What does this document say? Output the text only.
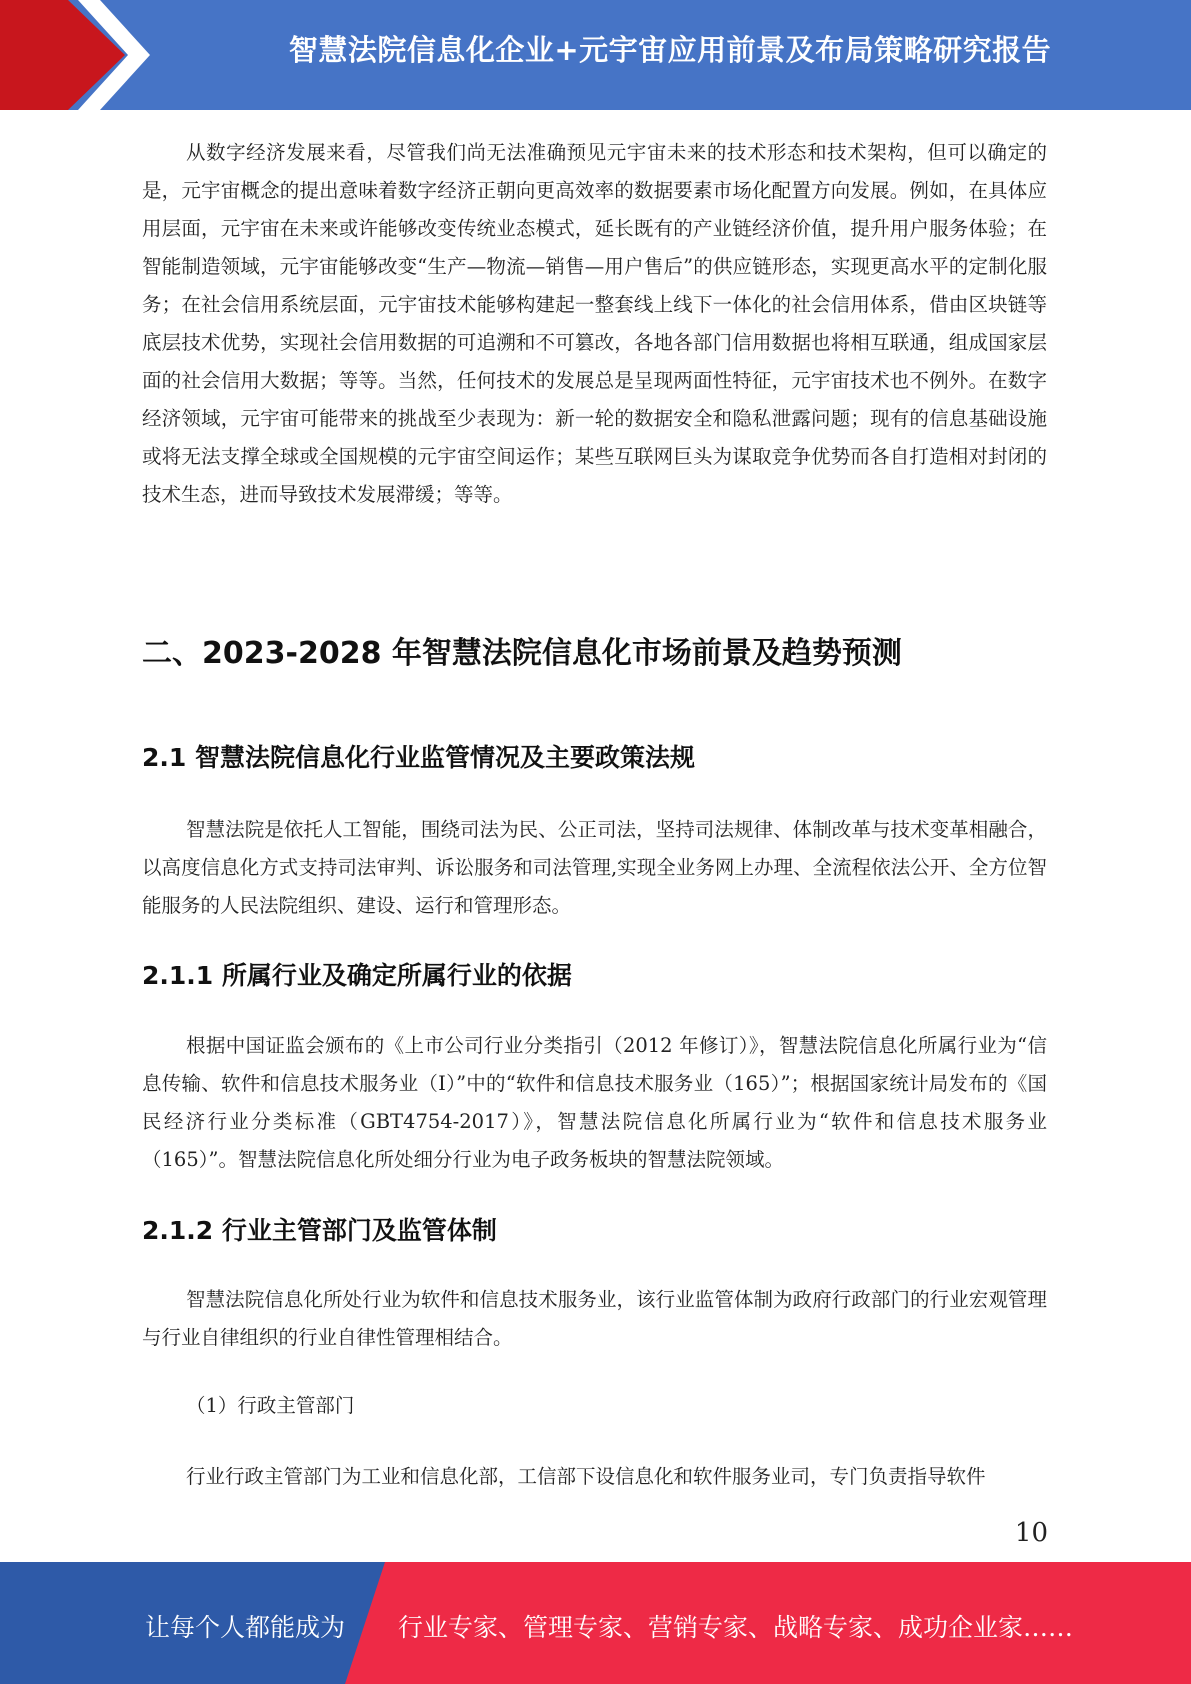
智慧法院信息化企业+元宇宙应用前景及布局策略研究报告

从数字经济发展来看，尽管我们尚无法准确预见元宇宙未来的技术形态和技术架构，但可以确定的是，元宇宙概念的提出意味着数字经济正朝向更高效率的数据要素市场化配置方向发展。例如，在具体应用层面，元宇宙在未来或许能够改变传统业态模式，延长既有的产业链经济价值，提升用户服务体验；在智能制造领域，元宇宙能够改变“生产—物流—销售—用户售后”的供应链形态，实现更高水平的定制化服务；在社会信用系统层面，元宇宙技术能够构建起一整套线上线下一体化的社会信用体系，借由区块链等底层技术优势，实现社会信用数据的可追溯和不可篡改，各地各部门信用数据也将相互联通，组成国家层面的社会信用大数据；等等。当然，任何技术的发展总是呈现两面性特征，元宇宙技术也不例外。在数字经济领域，元宇宙可能带来的挑战至少表现为：新一轮的数据安全和隐私泄露问题；现有的信息基础设施或将无法支撑全球或全国规模的元宇宙空间运作；某些互联网巨头为谋取竞争优势而各自打造相对封闭的技术生态，进而导致技术发展滞缓；等等。

二、2023-2028 年智慧法院信息化市场前景及趋势预测
2.1 智慧法院信息化行业监管情况及主要政策法规

智慧法院是依托人工智能，围绕司法为民、公正司法，坚持司法规律、体制改革与技术变革相融合，以高度信息化方式支持司法审判、诉讼服务和司法管理,实现全业务网上办理、全流程依法公开、全方位智能服务的人民法院组织、建设、运行和管理形态。

2.1.1 所属行业及确定所属行业的依据

根据中国证监会颁布的《上市公司行业分类指引（2012 年修订）》，智慧法院信息化所属行业为“信息传输、软件和信息技术服务业（I）”中的“软件和信息技术服务业（165）”；根据国家统计局发布的《国民经济行业分类标准（GBT4754-2017）》，智慧法院信息化所属行业为“软件和信息技术服务业（165）”。智慧法院信息化所处细分行业为电子政务板块的智慧法院领域。

2.1.2 行业主管部门及监管体制

智慧法院信息化所处行业为软件和信息技术服务业，该行业监管体制为政府行政部门的行业宏观管理与行业自律组织的行业自律性管理相结合。

（1）行政主管部门

行业行政主管部门为工业和信息化部，工信部下设信息化和软件服务业司，专门负责指导软件

10
让每个人都能成为 行业专家、管理专家、营销专家、战略专家、成功企业家……
